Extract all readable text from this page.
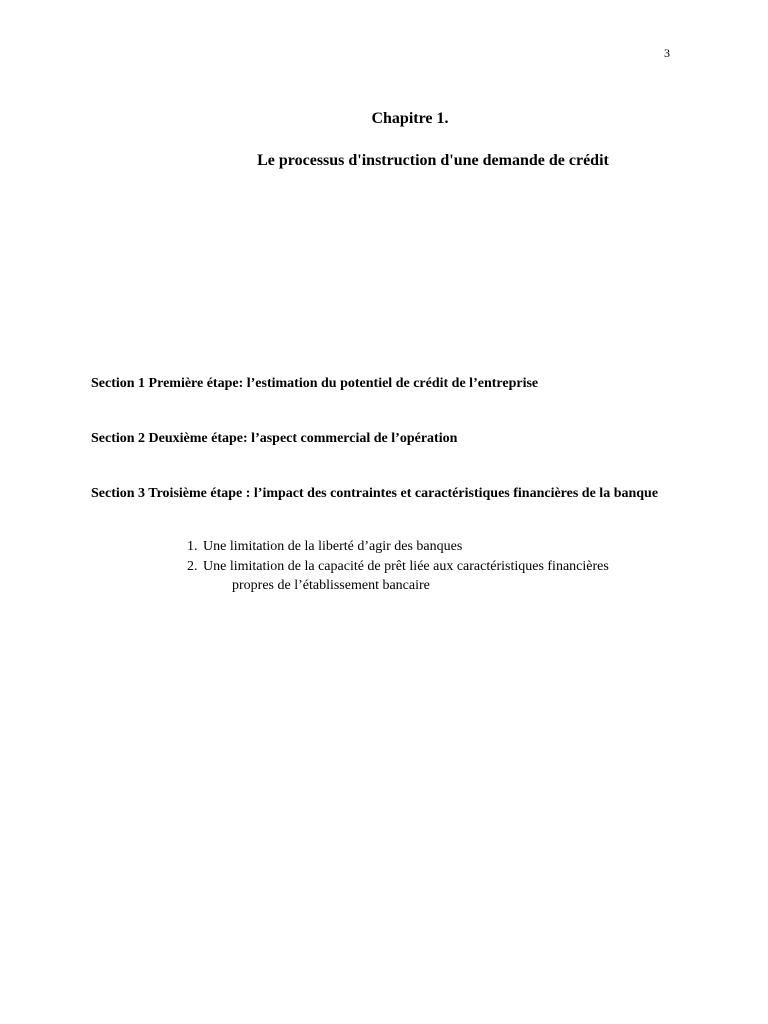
3
Chapitre 1.
Le processus d'instruction d'une demande de crédit
Section 1 Première étape: l’estimation du potentiel de crédit de l’entreprise
Section 2 Deuxième étape: l’aspect commercial de l’opération
Section 3 Troisième étape : l’impact des contraintes et caractéristiques financières de la banque
1. Une limitation de la liberté d’agir des banques
2. Une limitation de la capacité de prêt liée aux caractéristiques financières
propres de l’établissement bancaire
